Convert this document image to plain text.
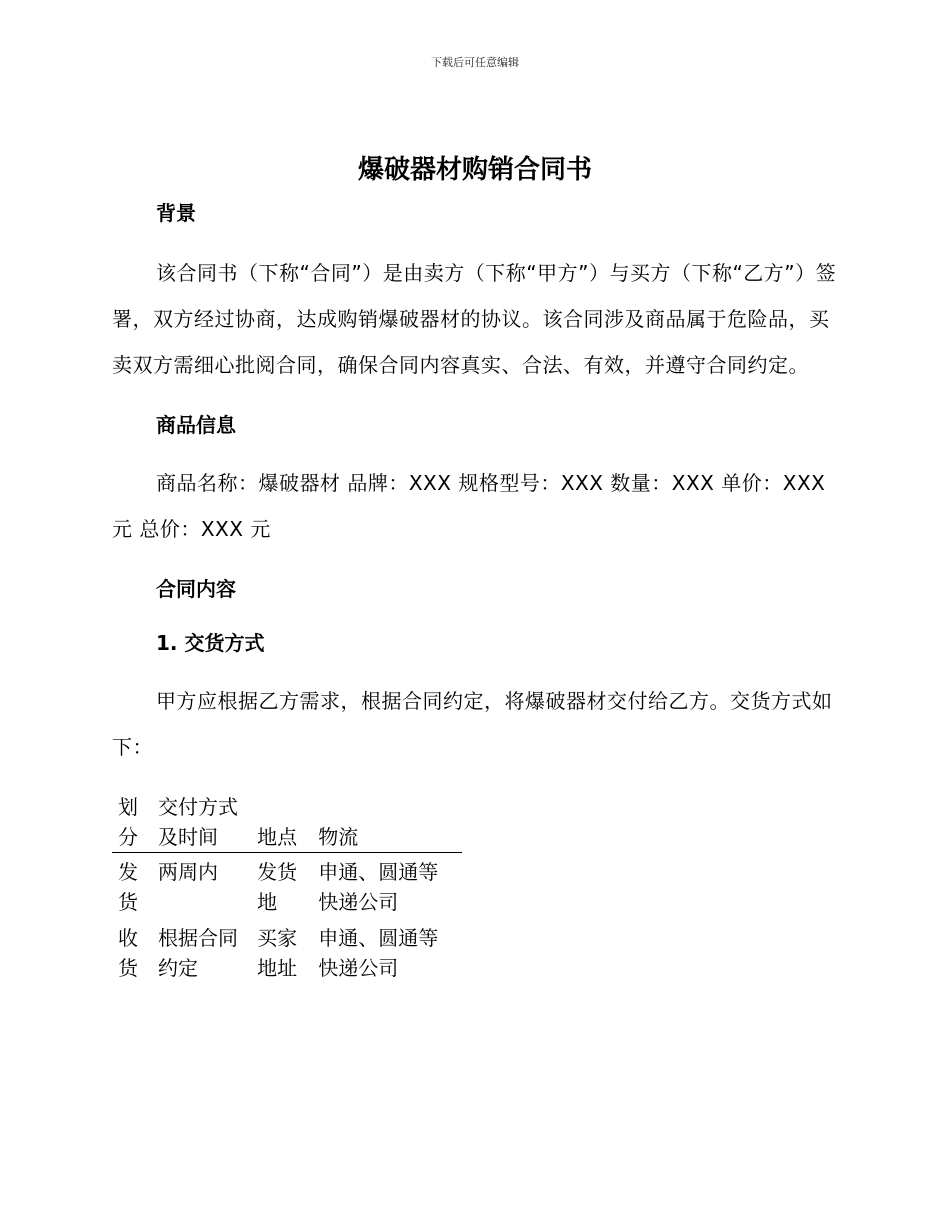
下载后可任意编辑
爆破器材购销合同书
背景

该合同书（下称“合同”）是由卖方（下称“甲方”）与买方（下称“乙方”）签署，双方经过协商，达成购销爆破器材的协议。该合同涉及商品属于危险品，买卖双方需细心批阅合同，确保合同内容真实、合法、有效，并遵守合同约定。

商品信息

商品名称：爆破器材 品牌：XXX 规格型号：XXX 数量：XXX 单价：XXX 元 总价：XXX 元

合同内容
1. 交货方式

甲方应根据乙方需求，根据合同约定，将爆破器材交付给乙方。交货方式如下：

划分	交付方式及时间	地点	物流
发货	两周内	发货地	申通、圆通等快递公司
收货	根据合同约定	买家地址	申通、圆通等快递公司
